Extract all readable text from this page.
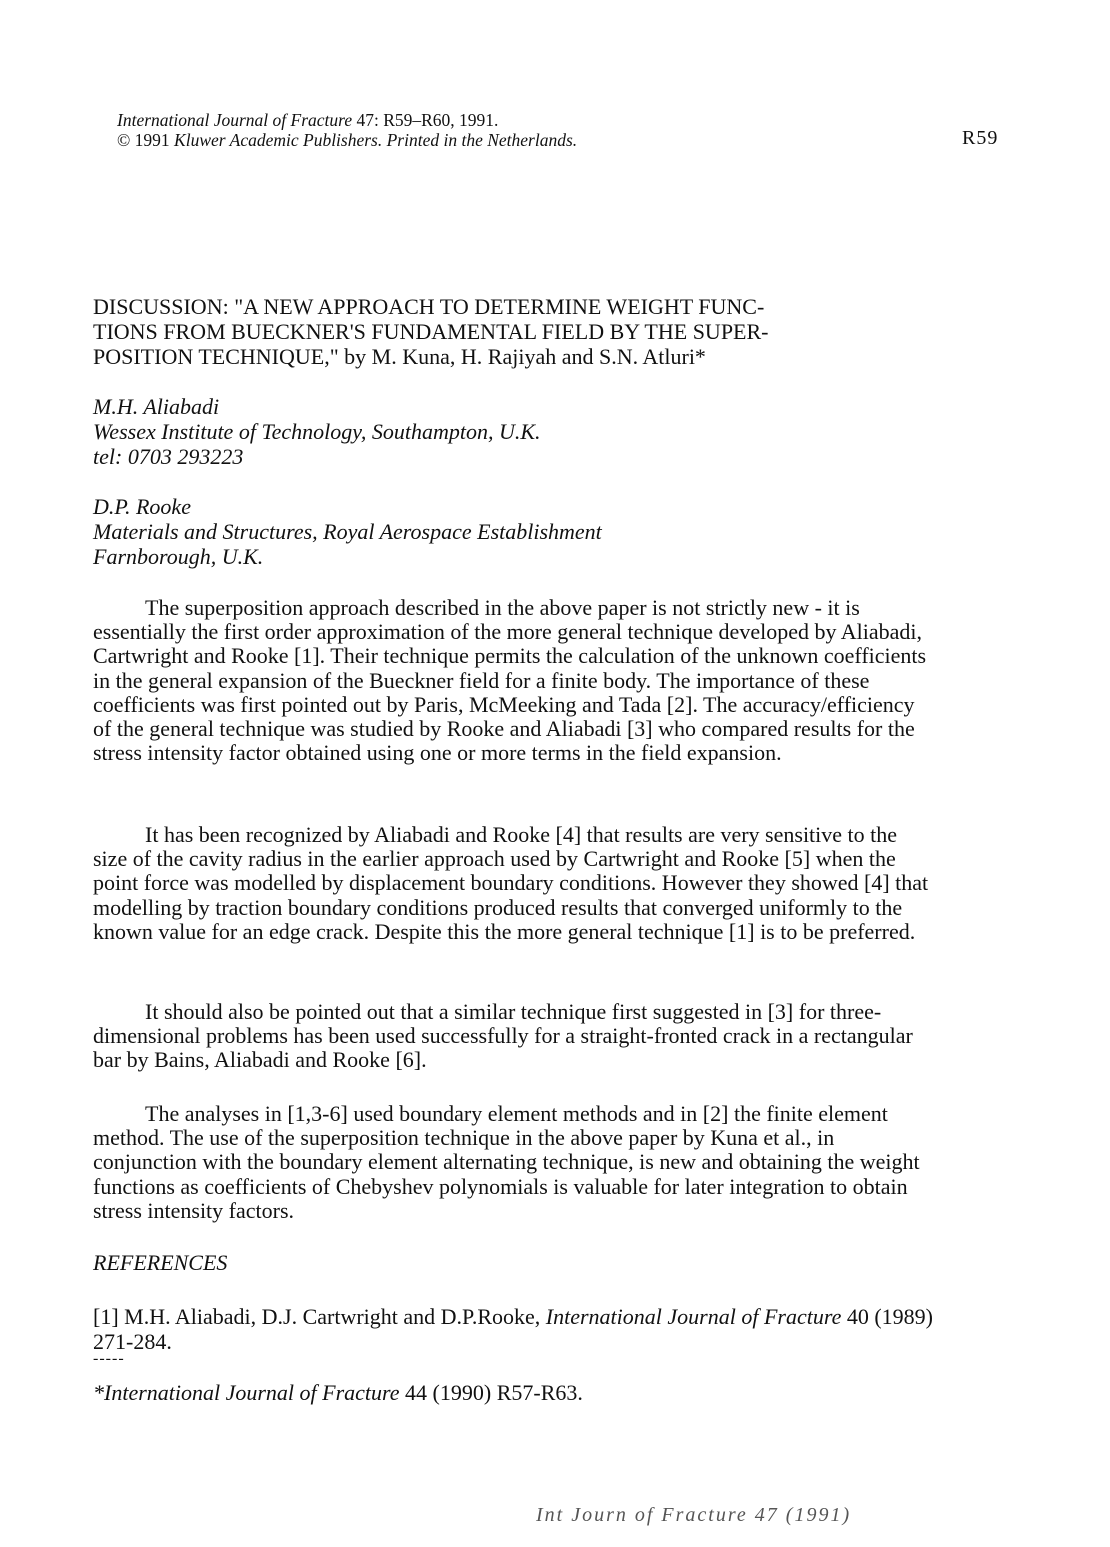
International Journal of Fracture 47: R59–R60, 1991.
© 1991 Kluwer Academic Publishers. Printed in the Netherlands.	R59
DISCUSSION: "A NEW APPROACH TO DETERMINE WEIGHT FUNC-
TIONS FROM BUECKNER'S FUNDAMENTAL FIELD BY THE SUPER-
POSITION TECHNIQUE," by M. Kuna, H. Rajiyah and S.N. Atluri*
M.H. Aliabadi
Wessex Institute of Technology, Southampton, U.K.
tel: 0703 293223
D.P. Rooke
Materials and Structures, Royal Aerospace Establishment
Farnborough, U.K.

The superposition approach described in the above paper is not strictly new - it is essentially the first order approximation of the more general technique developed by Aliabadi, Cartwright and Rooke [1]. Their technique permits the calculation of the unknown coefficients in the general expansion of the Bueckner field for a finite body. The importance of these coefficients was first pointed out by Paris, McMeeking and Tada [2]. The accuracy/efficiency of the general technique was studied by Rooke and Aliabadi [3] who compared results for the stress intensity factor obtained using one or more terms in the field expansion.

It has been recognized by Aliabadi and Rooke [4] that results are very sensitive to the size of the cavity radius in the earlier approach used by Cartwright and Rooke [5] when the point force was modelled by displacement boundary conditions. However they showed [4] that modelling by traction boundary conditions produced results that converged uniformly to the known value for an edge crack. Despite this the more general technique [1] is to be preferred.

It should also be pointed out that a similar technique first suggested in [3] for three-dimensional problems has been used successfully for a straight-fronted crack in a rectangular bar by Bains, Aliabadi and Rooke [6].

The analyses in [1,3-6] used boundary element methods and in [2] the finite element method. The use of the superposition technique in the above paper by Kuna et al., in conjunction with the boundary element alternating technique, is new and obtaining the weight functions as coefficients of Chebyshev polynomials is valuable for later integration to obtain stress intensity factors.

REFERENCES
[1] M.H. Aliabadi, D.J. Cartwright and D.P.Rooke, International Journal of Fracture 40 (1989) 271-284.
-----
*International Journal of Fracture 44 (1990) R57-R63.
Int Journ of Fracture 47 (1991)
